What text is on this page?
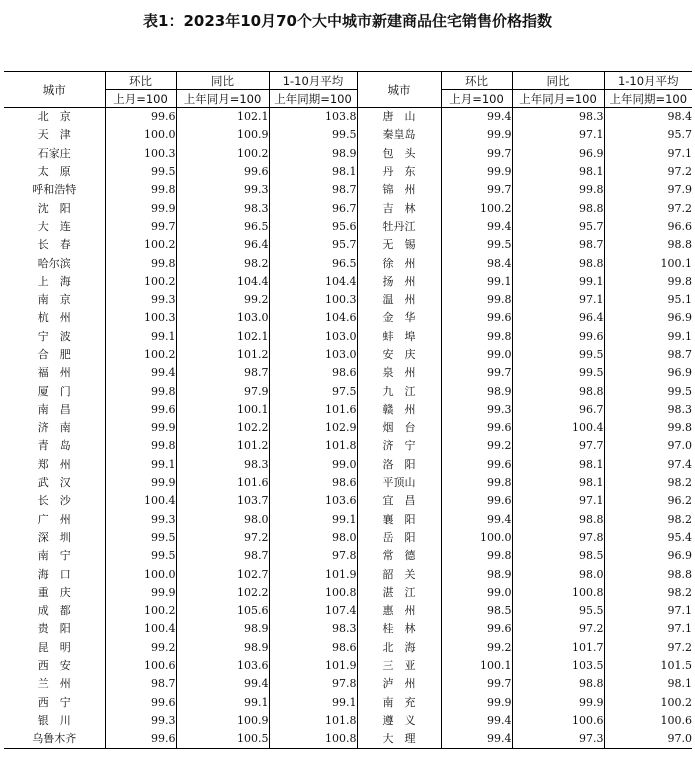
表1：2023年10月70个大中城市新建商品住宅销售价格指数
城市	环比	同比	1-10月平均	城市	环比	同比	1-10月平均
	上月=100	上年同月=100	上年同期=100		上月=100	上年同月=100	上年同期=100
北　京	99.6	102.1	103.8	唐　山	99.4	98.3	98.4
天　津	100.0	100.9	99.5	秦皇岛	99.9	97.1	95.7
石家庄	100.3	100.2	98.9	包　头	99.7	96.9	97.1
太　原	99.5	99.6	98.1	丹　东	99.9	98.1	97.2
呼和浩特	99.8	99.3	98.7	锦　州	99.7	99.8	97.9
沈　阳	99.9	98.3	96.7	吉　林	100.2	98.8	97.2
大　连	99.7	96.5	95.6	牡丹江	99.4	95.7	96.6
长　春	100.2	96.4	95.7	无　锡	99.5	98.7	98.8
哈尔滨	99.8	98.2	96.5	徐　州	98.4	98.8	100.1
上　海	100.2	104.4	104.4	扬　州	99.1	99.1	99.8
南　京	99.3	99.2	100.3	温　州	99.8	97.1	95.1
杭　州	100.3	103.0	104.6	金　华	99.6	96.4	96.9
宁　波	99.1	102.1	103.0	蚌　埠	99.8	99.6	99.1
合　肥	100.2	101.2	103.0	安　庆	99.0	99.5	98.7
福　州	99.4	98.7	98.6	泉　州	99.7	99.5	96.9
厦　门	99.8	97.9	97.5	九　江	98.9	98.8	99.5
南　昌	99.6	100.1	101.6	赣　州	99.3	96.7	98.3
济　南	99.9	102.2	102.9	烟　台	99.6	100.4	99.8
青　岛	99.8	101.2	101.8	济　宁	99.2	97.7	97.0
郑　州	99.1	98.3	99.0	洛　阳	99.6	98.1	97.4
武　汉	99.9	101.6	98.6	平顶山	99.8	98.1	98.2
长　沙	100.4	103.7	103.6	宜　昌	99.6	97.1	96.2
广　州	99.3	98.0	99.1	襄　阳	99.4	98.8	98.2
深　圳	99.5	97.2	98.0	岳　阳	100.0	97.8	95.4
南　宁	99.5	98.7	97.8	常　德	99.8	98.5	96.9
海　口	100.0	102.7	101.9	韶　关	98.9	98.0	98.8
重　庆	99.9	102.2	100.8	湛　江	99.0	100.8	98.2
成　都	100.2	105.6	107.4	惠　州	98.5	95.5	97.1
贵　阳	100.4	98.9	98.3	桂　林	99.6	97.2	97.1
昆　明	99.2	98.9	98.6	北　海	99.2	101.7	97.2
西　安	100.6	103.6	101.9	三　亚	100.1	103.5	101.5
兰　州	98.7	99.4	97.8	泸　州	99.7	98.8	98.1
西　宁	99.6	99.1	99.1	南　充	99.9	99.9	100.2
银　川	99.3	100.9	101.8	遵　义	99.4	100.6	100.6
乌鲁木齐	99.6	100.5	100.8	大　理	99.4	97.3	97.0
